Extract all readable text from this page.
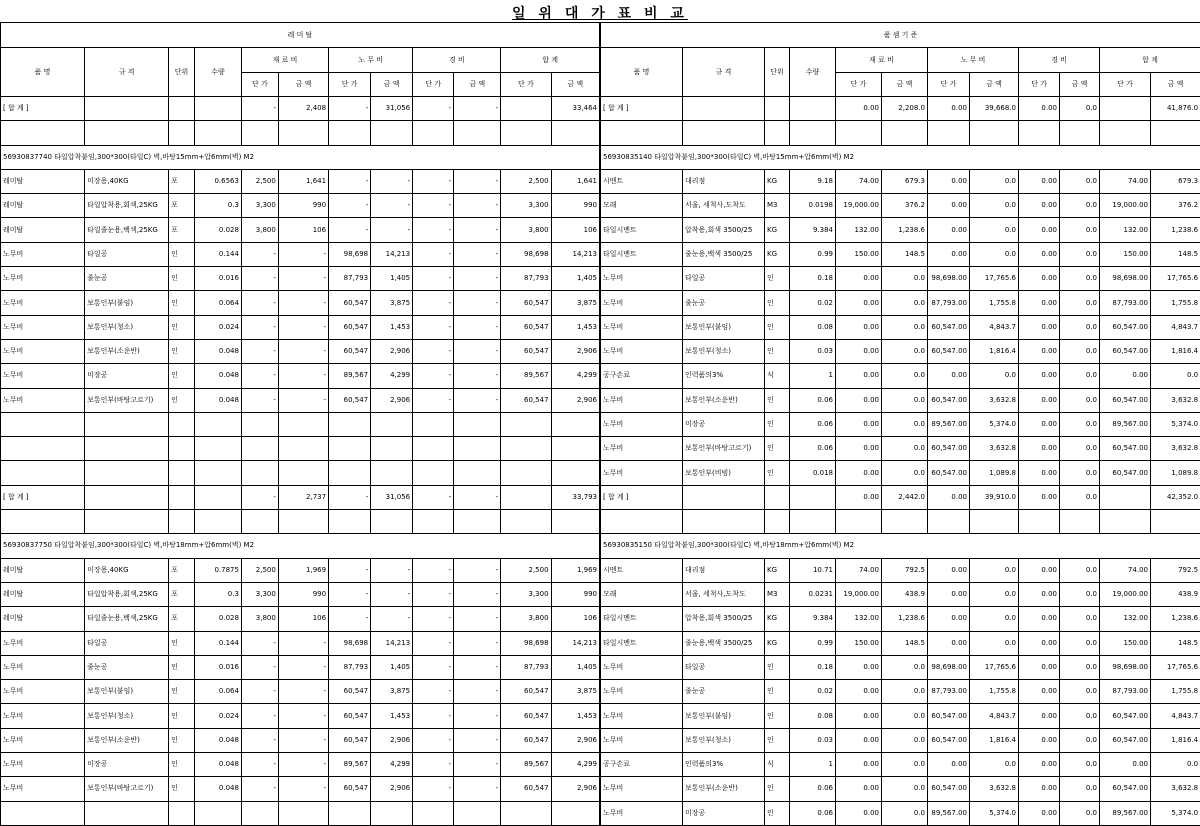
일 위 대 가 표 비 교
레 미 탈											
품 명	규 격	단위	수량	재 료 비		노 무 비		경 비		합 계	
				단 가	금 액	단 가	금 액	단 가	금 액	단 가	금 액
[ 합 계 ]				-	2,408	-	31,056	-	-		33,464

56930837740 타일압착붙임,300*300(타일C) 벽,바탕15mm+압6mm(벽) M2											
레미탈	미장용,40KG	포	0.6563	2,500	1,641	-	-	-	-	2,500	1,641
레미탈	타일압착용,회색,25KG	포	0.3	3,300	990	-	-	-	-	3,300	990
레미탈	타일줄눈용,백색,25KG	포	0.028	3,800	106	-	-	-	-	3,800	106
노무비	타일공	인	0.144	-	-	98,698	14,213	-	-	98,698	14,213
노무비	줄눈공	인	0.016	-	-	87,793	1,405	-	-	87,793	1,405
노무비	보통인부(붙임)	인	0.064	-	-	60,547	3,875	-	-	60,547	3,875
노무비	보통인부(청소)	인	0.024	-	-	60,547	1,453	-	-	60,547	1,453
노무비	보통인부(소운반)	인	0.048	-	-	60,547	2,906	-	-	60,547	2,906
노무비	미장공	인	0.048	-	-	89,567	4,299	-	-	89,567	4,299
노무비	보통인부(바탕고르기)	인	0.048	-	-	60,547	2,906	-	-	60,547	2,906

[ 합 계 ]				-	2,737	-	31,056	-	-		33,793

56930837750 타일압착붙임,300*300(타일C) 벽,바탕18mm+압6mm(벽) M2											
레미탈	미장용,40KG	포	0.7875	2,500	1,969	-	-	-	-	2,500	1,969
레미탈	타일압착용,회색,25KG	포	0.3	3,300	990	-	-	-	-	3,300	990
레미탈	타일줄눈용,백색,25KG	포	0.028	3,800	106	-	-	-	-	3,800	106
노무비	타일공	인	0.144	-	-	98,698	14,213	-	-	98,698	14,213
노무비	줄눈공	인	0.016	-	-	87,793	1,405	-	-	87,793	1,405
노무비	보통인부(붙임)	인	0.064	-	-	60,547	3,875	-	-	60,547	3,875
노무비	보통인부(청소)	인	0.024	-	-	60,547	1,453	-	-	60,547	1,453
노무비	보통인부(소운반)	인	0.048	-	-	60,547	2,906	-	-	60,547	2,906
노무비	미장공	인	0.048	-	-	89,567	4,299	-	-	89,567	4,299
노무비	보통인부(바탕고르기)	인	0.048	-	-	60,547	2,906	-	-	60,547	2,906

품 셈 기 준											
품 명	규 격	단위	수량	재 료 비		노 무 비		경 비		합 계	
				단 가	금 액	단 가	금 액	단 가	금 액	단 가	금 액
[ 합 계 ]				0.00	2,208.0	0.00	39,668.0	0.00	0.0		41,876.0

56930835140 타일압착붙임,300*300(타일C) 벽,바탕15mm+압6mm(벽) M2											
시멘트	대리점	KG	9.18	74.00	679.3	0.00	0.0	0.00	0.0	74.00	679.3
모래	서울, 세척사,도착도	M3	0.0198	19,000.00	376.2	0.00	0.0	0.00	0.0	19,000.00	376.2
타일시멘트	압착용,회색 3500/25	KG	9.384	132.00	1,238.6	0.00	0.0	0.00	0.0	132.00	1,238.6
타일시멘트	줄눈용,백색 3500/25	KG	0.99	150.00	148.5	0.00	0.0	0.00	0.0	150.00	148.5
노무비	타일공	인	0.18	0.00	0.0	98,698.00	17,765.6	0.00	0.0	98,698.00	17,765.6
노무비	줄눈공	인	0.02	0.00	0.0	87,793.00	1,755.8	0.00	0.0	87,793.00	1,755.8
노무비	보통인부(붙임)	인	0.08	0.00	0.0	60,547.00	4,843.7	0.00	0.0	60,547.00	4,843.7
노무비	보통인부(청소)	인	0.03	0.00	0.0	60,547.00	1,816.4	0.00	0.0	60,547.00	1,816.4
공구손료	인력품의3%	식	1	0.00	0.0	0.00	0.0	0.00	0.0	0.00	0.0
노무비	보통인부(소운반)	인	0.06	0.00	0.0	60,547.00	3,632.8	0.00	0.0	60,547.00	3,632.8
노무비	미장공	인	0.06	0.00	0.0	89,567.00	5,374.0	0.00	0.0	89,567.00	5,374.0
노무비	보통인부(바탕고르기)	인	0.06	0.00	0.0	60,547.00	3,632.8	0.00	0.0	60,547.00	3,632.8
노무비	보통인부(비빔)	인	0.018	0.00	0.0	60,547.00	1,089.8	0.00	0.0	60,547.00	1,089.8
[ 합 계 ]				0.00	2,442.0	0.00	39,910.0	0.00	0.0		42,352.0

56930835150 타일압착붙임,300*300(타일C) 벽,바탕18mm+압6mm(벽) M2											
시멘트	대리점	KG	10.71	74.00	792.5	0.00	0.0	0.00	0.0	74.00	792.5
모래	서울, 세척사,도착도	M3	0.0231	19,000.00	438.9	0.00	0.0	0.00	0.0	19,000.00	438.9
타일시멘트	압착용,회색 3500/25	KG	9.384	132.00	1,238.6	0.00	0.0	0.00	0.0	132.00	1,238.6
타일시멘트	줄눈용,백색 3500/25	KG	0.99	150.00	148.5	0.00	0.0	0.00	0.0	150.00	148.5
노무비	타일공	인	0.18	0.00	0.0	98,698.00	17,765.6	0.00	0.0	98,698.00	17,765.6
노무비	줄눈공	인	0.02	0.00	0.0	87,793.00	1,755.8	0.00	0.0	87,793.00	1,755.8
노무비	보통인부(붙임)	인	0.08	0.00	0.0	60,547.00	4,843.7	0.00	0.0	60,547.00	4,843.7
노무비	보통인부(청소)	인	0.03	0.00	0.0	60,547.00	1,816.4	0.00	0.0	60,547.00	1,816.4
공구손료	인력품의3%	식	1	0.00	0.0	0.00	0.0	0.00	0.0	0.00	0.0
노무비	보통인부(소운반)	인	0.06	0.00	0.0	60,547.00	3,632.8	0.00	0.0	60,547.00	3,632.8
노무비	미장공	인	0.06	0.00	0.0	89,567.00	5,374.0	0.00	0.0	89,567.00	5,374.0
